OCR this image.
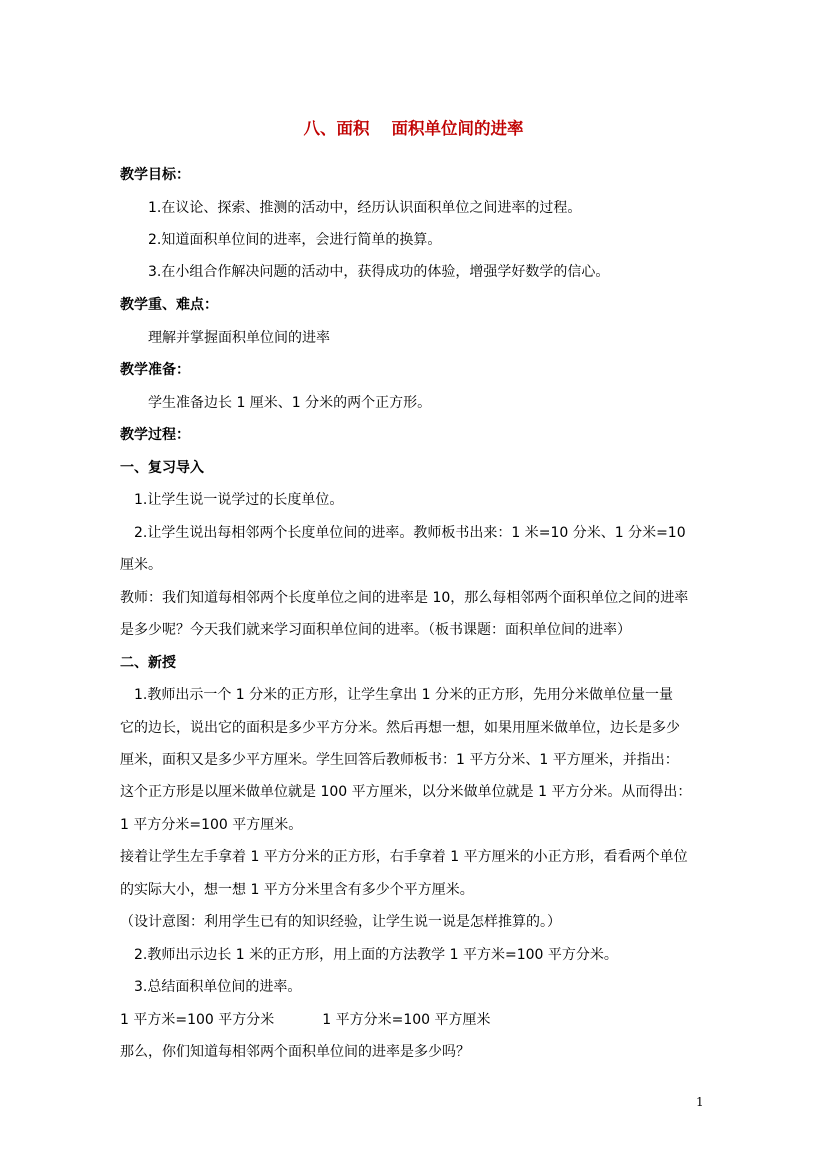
八、面积 面积单位间的进率
教学目标：
1.在议论、探索、推测的活动中，经历认识面积单位之间进率的过程。
2.知道面积单位间的进率，会进行简单的换算。
3.在小组合作解决问题的活动中，获得成功的体验，增强学好数学的信心。
教学重、难点：
理解并掌握面积单位间的进率
教学准备：
学生准备边长 1 厘米、1 分米的两个正方形。
教学过程：
一、复习导入
1.让学生说一说学过的长度单位。
2.让学生说出每相邻两个长度单位间的进率。教师板书出来：1 米=10 分米、1 分米=10
厘米。
教师：我们知道每相邻两个长度单位之间的进率是 10，那么每相邻两个面积单位之间的进率
是多少呢？今天我们就来学习面积单位间的进率。（板书课题：面积单位间的进率）
二、新授
1.教师出示一个 1 分米的正方形，让学生拿出 1 分米的正方形，先用分米做单位量一量
它的边长，说出它的面积是多少平方分米。然后再想一想，如果用厘米做单位，边长是多少
厘米，面积又是多少平方厘米。学生回答后教师板书：1 平方分米、1 平方厘米，并指出：
这个正方形是以厘米做单位就是 100 平方厘米，以分米做单位就是 1 平方分米。从而得出：
1 平方分米=100 平方厘米。
接着让学生左手拿着 1 平方分米的正方形，右手拿着 1 平方厘米的小正方形，看看两个单位
的实际大小，想一想 1 平方分米里含有多少个平方厘米。
（设计意图：利用学生已有的知识经验，让学生说一说是怎样推算的。）
2.教师出示边长 1 米的正方形，用上面的方法教学 1 平方米=100 平方分米。
3.总结面积单位间的进率。
1 平方米=100 平方分米	1 平方分米=100 平方厘米
那么，你们知道每相邻两个面积单位间的进率是多少吗？
1
